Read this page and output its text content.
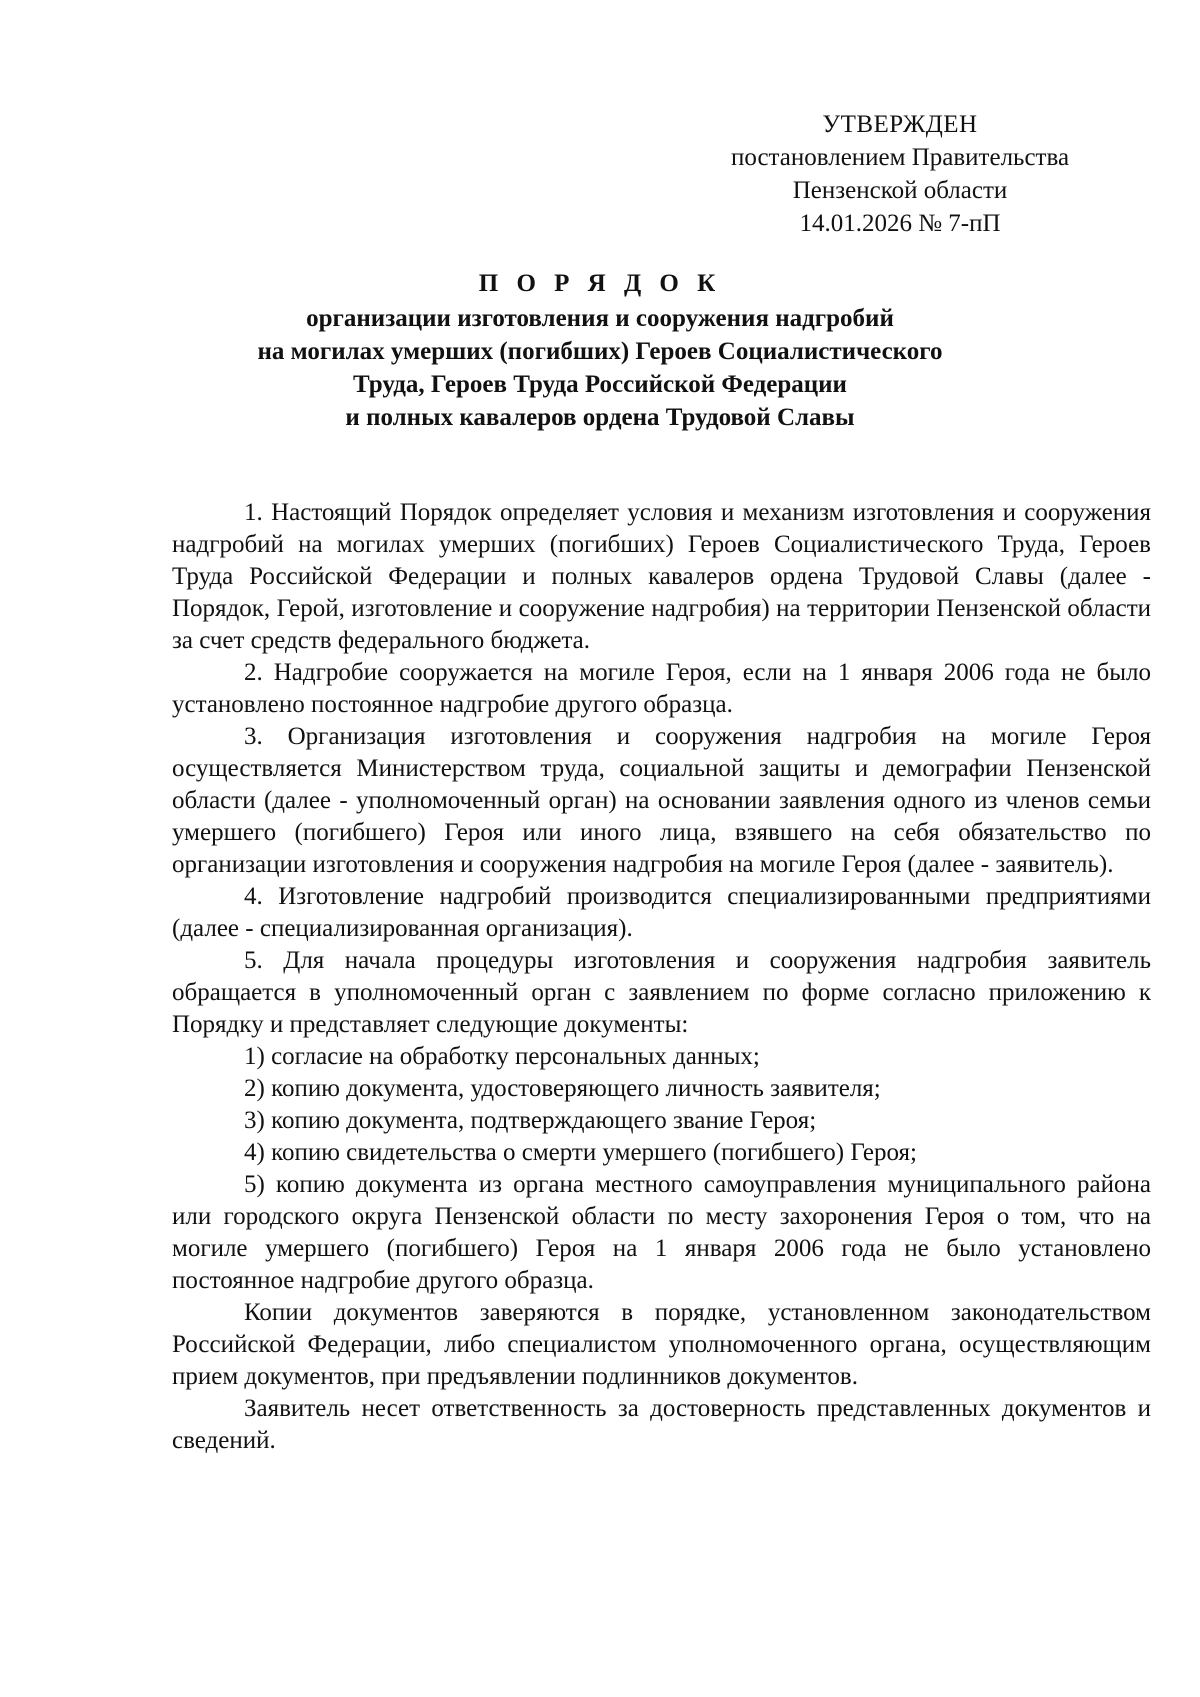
УТВЕРЖДЕН
постановлением Правительства
Пензенской области
14.01.2026 № 7-пП
П О Р Я Д О К
организации изготовления и сооружения надгробий
на могилах умерших (погибших) Героев Социалистического
Труда, Героев Труда Российской Федерации
и полных кавалеров ордена Трудовой Славы

1. Настоящий Порядок определяет условия и механизм изготовления и сооружения надгробий на могилах умерших (погибших) Героев Социалистического Труда, Героев Труда Российской Федерации и полных кавалеров ордена Трудовой Славы (далее - Порядок, Герой, изготовление и сооружение надгробия) на территории Пензенской области за счет средств федерального бюджета.

2. Надгробие сооружается на могиле Героя, если на 1 января 2006 года не было установлено постоянное надгробие другого образца.

3. Организация изготовления и сооружения надгробия на могиле Героя осуществляется Министерством труда, социальной защиты и демографии Пензенской области (далее - уполномоченный орган) на основании заявления одного из членов семьи умершего (погибшего) Героя или иного лица, взявшего на себя обязательство по организации изготовления и сооружения надгробия на могиле Героя (далее - заявитель).

4. Изготовление надгробий производится специализированными предприятиями (далее - специализированная организация).

5. Для начала процедуры изготовления и сооружения надгробия заявитель обращается в уполномоченный орган с заявлением по форме согласно приложению к Порядку и представляет следующие документы:

1) согласие на обработку персональных данных;

2) копию документа, удостоверяющего личность заявителя;

3) копию документа, подтверждающего звание Героя;

4) копию свидетельства о смерти умершего (погибшего) Героя;

5) копию документа из органа местного самоуправления муниципального района или городского округа Пензенской области по месту захоронения Героя о том, что на могиле умершего (погибшего) Героя на 1 января 2006 года не было установлено постоянное надгробие другого образца.

Копии документов заверяются в порядке, установленном законодательством Российской Федерации, либо специалистом уполномоченного органа, осуществляющим прием документов, при предъявлении подлинников документов.

Заявитель несет ответственность за достоверность представленных документов и сведений.
